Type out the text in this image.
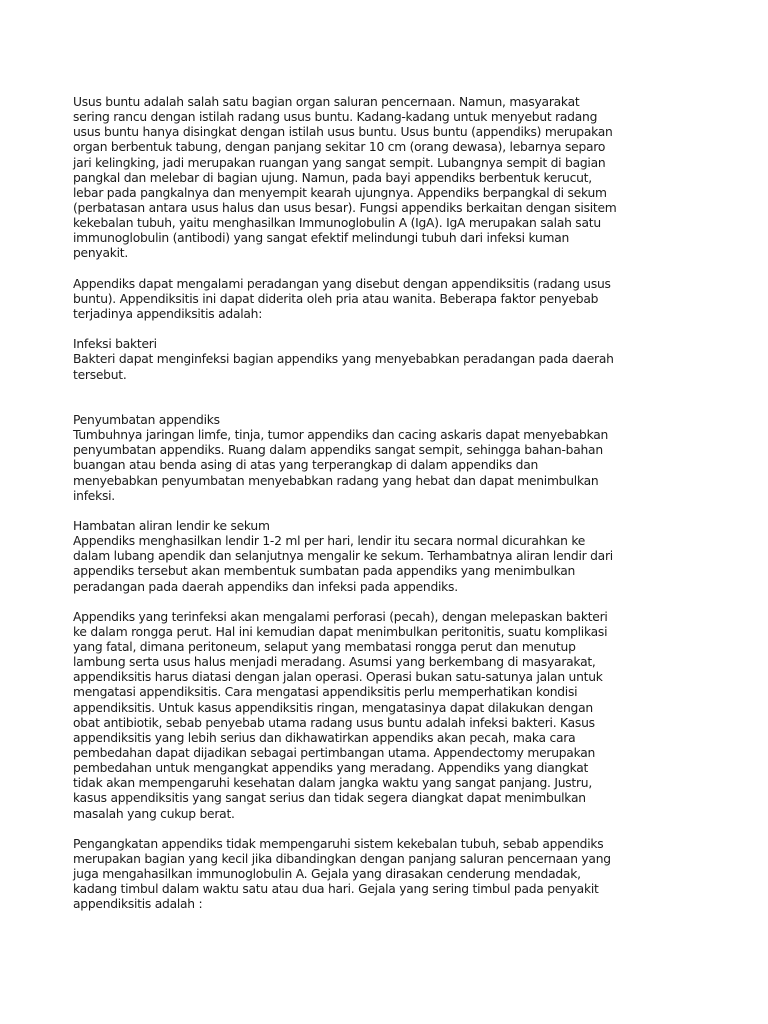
Usus buntu adalah salah satu bagian organ saluran pencernaan. Namun, masyarakat
sering rancu dengan istilah radang usus buntu. Kadang-kadang untuk menyebut radang
usus buntu hanya disingkat dengan istilah usus buntu. Usus buntu (appendiks) merupakan
organ berbentuk tabung, dengan panjang sekitar 10 cm (orang dewasa), lebarnya separo
jari kelingking, jadi merupakan ruangan yang sangat sempit. Lubangnya sempit di bagian
pangkal dan melebar di bagian ujung. Namun, pada bayi appendiks berbentuk kerucut,
lebar pada pangkalnya dan menyempit kearah ujungnya. Appendiks berpangkal di sekum
(perbatasan antara usus halus dan usus besar). Fungsi appendiks berkaitan dengan sisitem
kekebalan tubuh, yaitu menghasilkan Immunoglobulin A (IgA). IgA merupakan salah satu
immunoglobulin (antibodi) yang sangat efektif melindungi tubuh dari infeksi kuman
penyakit.
Appendiks dapat mengalami peradangan yang disebut dengan appendiksitis (radang usus
buntu). Appendiksitis ini dapat diderita oleh pria atau wanita. Beberapa faktor penyebab
terjadinya appendiksitis adalah:
Infeksi bakteri
Bakteri dapat menginfeksi bagian appendiks yang menyebabkan peradangan pada daerah
tersebut.
Penyumbatan appendiks
Tumbuhnya jaringan limfe, tinja, tumor appendiks dan cacing askaris dapat menyebabkan
penyumbatan appendiks. Ruang dalam appendiks sangat sempit, sehingga bahan-bahan
buangan atau benda asing di atas yang terperangkap di dalam appendiks dan
menyebabkan penyumbatan menyebabkan radang yang hebat dan dapat menimbulkan
infeksi.
Hambatan aliran lendir ke sekum
Appendiks menghasilkan lendir 1-2 ml per hari, lendir itu secara normal dicurahkan ke
dalam lubang apendik dan selanjutnya mengalir ke sekum. Terhambatnya aliran lendir dari
appendiks tersebut akan membentuk sumbatan pada appendiks yang menimbulkan
peradangan pada daerah appendiks dan infeksi pada appendiks.
Appendiks yang terinfeksi akan mengalami perforasi (pecah), dengan melepaskan bakteri
ke dalam rongga perut. Hal ini kemudian dapat menimbulkan peritonitis, suatu komplikasi
yang fatal, dimana peritoneum, selaput yang membatasi rongga perut dan menutup
lambung serta usus halus menjadi meradang. Asumsi yang berkembang di masyarakat,
appendiksitis harus diatasi dengan jalan operasi. Operasi bukan satu-satunya jalan untuk
mengatasi appendiksitis. Cara mengatasi appendiksitis perlu memperhatikan kondisi
appendiksitis. Untuk kasus appendiksitis ringan, mengatasinya dapat dilakukan dengan
obat antibiotik, sebab penyebab utama radang usus buntu adalah infeksi bakteri. Kasus
appendiksitis yang lebih serius dan dikhawatirkan appendiks akan pecah, maka cara
pembedahan dapat dijadikan sebagai pertimbangan utama. Appendectomy merupakan
pembedahan untuk mengangkat appendiks yang meradang. Appendiks yang diangkat
tidak akan mempengaruhi kesehatan dalam jangka waktu yang sangat panjang. Justru,
kasus appendiksitis yang sangat serius dan tidak segera diangkat dapat menimbulkan
masalah yang cukup berat.
Pengangkatan appendiks tidak mempengaruhi sistem kekebalan tubuh, sebab appendiks
merupakan bagian yang kecil jika dibandingkan dengan panjang saluran pencernaan yang
juga mengahasilkan immunoglobulin A. Gejala yang dirasakan cenderung mendadak,
kadang timbul dalam waktu satu atau dua hari. Gejala yang sering timbul pada penyakit
appendiksitis adalah :
